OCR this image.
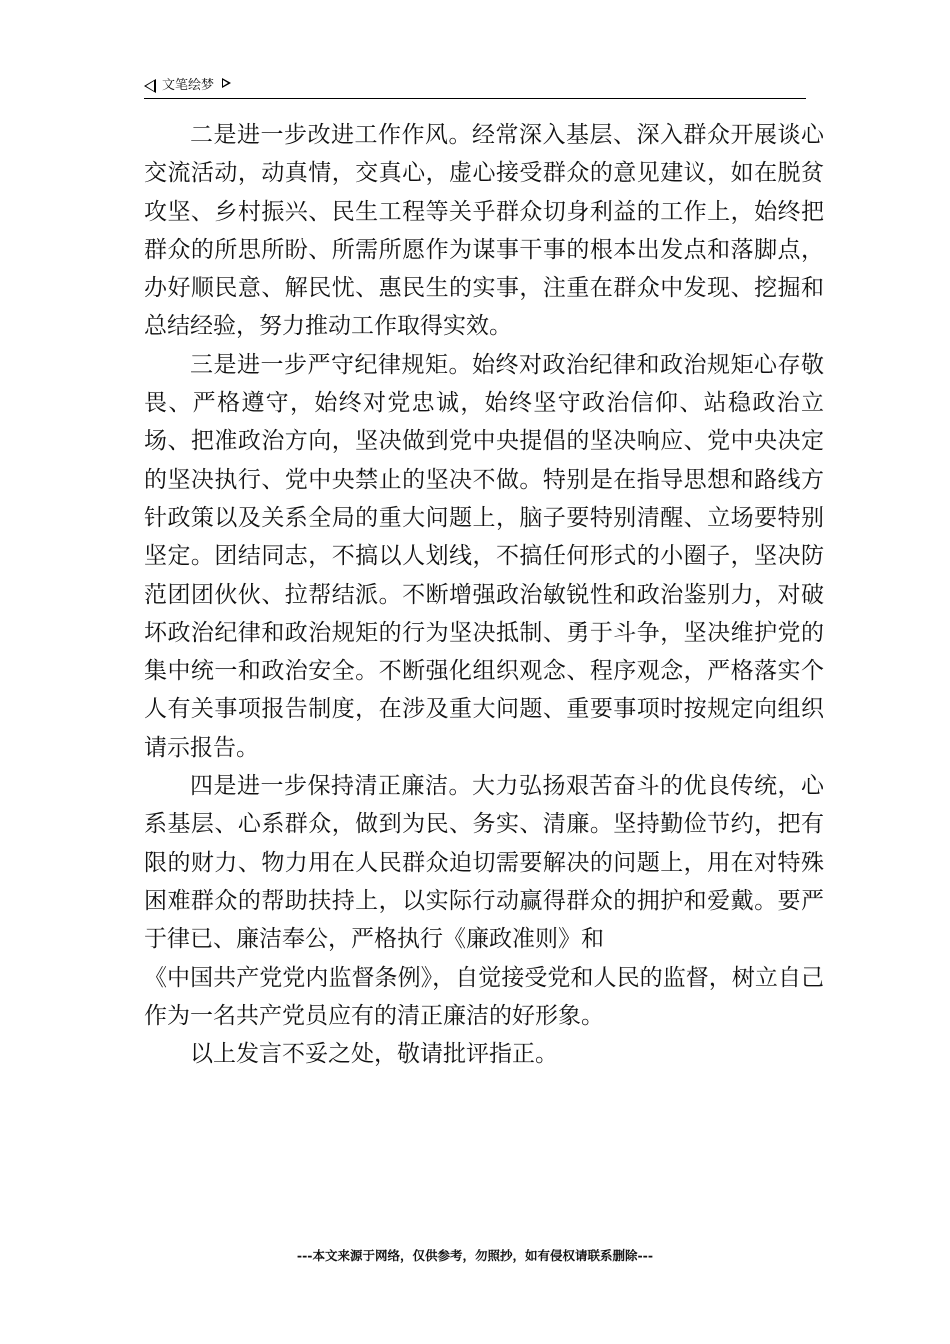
文笔绘梦

二是进一步改进工作作风。经常深入基层、深入群众开展谈心交流活动，动真情，交真心，虚心接受群众的意见建议，如在脱贫攻坚、乡村振兴、民生工程等关乎群众切身利益的工作上，始终把群众的所思所盼、所需所愿作为谋事干事的根本出发点和落脚点，办好顺民意、解民忧、惠民生的实事，注重在群众中发现、挖掘和总结经验，努力推动工作取得实效。

三是进一步严守纪律规矩。始终对政治纪律和政治规矩心存敬畏、严格遵守，始终对党忠诚，始终坚守政治信仰、站稳政治立场、把准政治方向，坚决做到党中央提倡的坚决响应、党中央决定的坚决执行、党中央禁止的坚决不做。特别是在指导思想和路线方针政策以及关系全局的重大问题上，脑子要特别清醒、立场要特别坚定。团结同志，不搞以人划线，不搞任何形式的小圈子，坚决防范团团伙伙、拉帮结派。不断增强政治敏锐性和政治鉴别力，对破坏政治纪律和政治规矩的行为坚决抵制、勇于斗争，坚决维护党的集中统一和政治安全。不断强化组织观念、程序观念，严格落实个人有关事项报告制度，在涉及重大问题、重要事项时按规定向组织请示报告。

四是进一步保持清正廉洁。大力弘扬艰苦奋斗的优良传统，心系基层、心系群众，做到为民、务实、清廉。坚持勤俭节约，把有限的财力、物力用在人民群众迫切需要解决的问题上，用在对特殊困难群众的帮助扶持上，以实际行动赢得群众的拥护和爱戴。要严于律已、廉洁奉公，严格执行《廉政准则》和

《中国共产党党内监督条例》，自觉接受党和人民的监督，树立自己作为一名共产党员应有的清正廉洁的好形象。

以上发言不妥之处，敬请批评指正。

---本文来源于网络，仅供参考，勿照抄，如有侵权请联系删除---
